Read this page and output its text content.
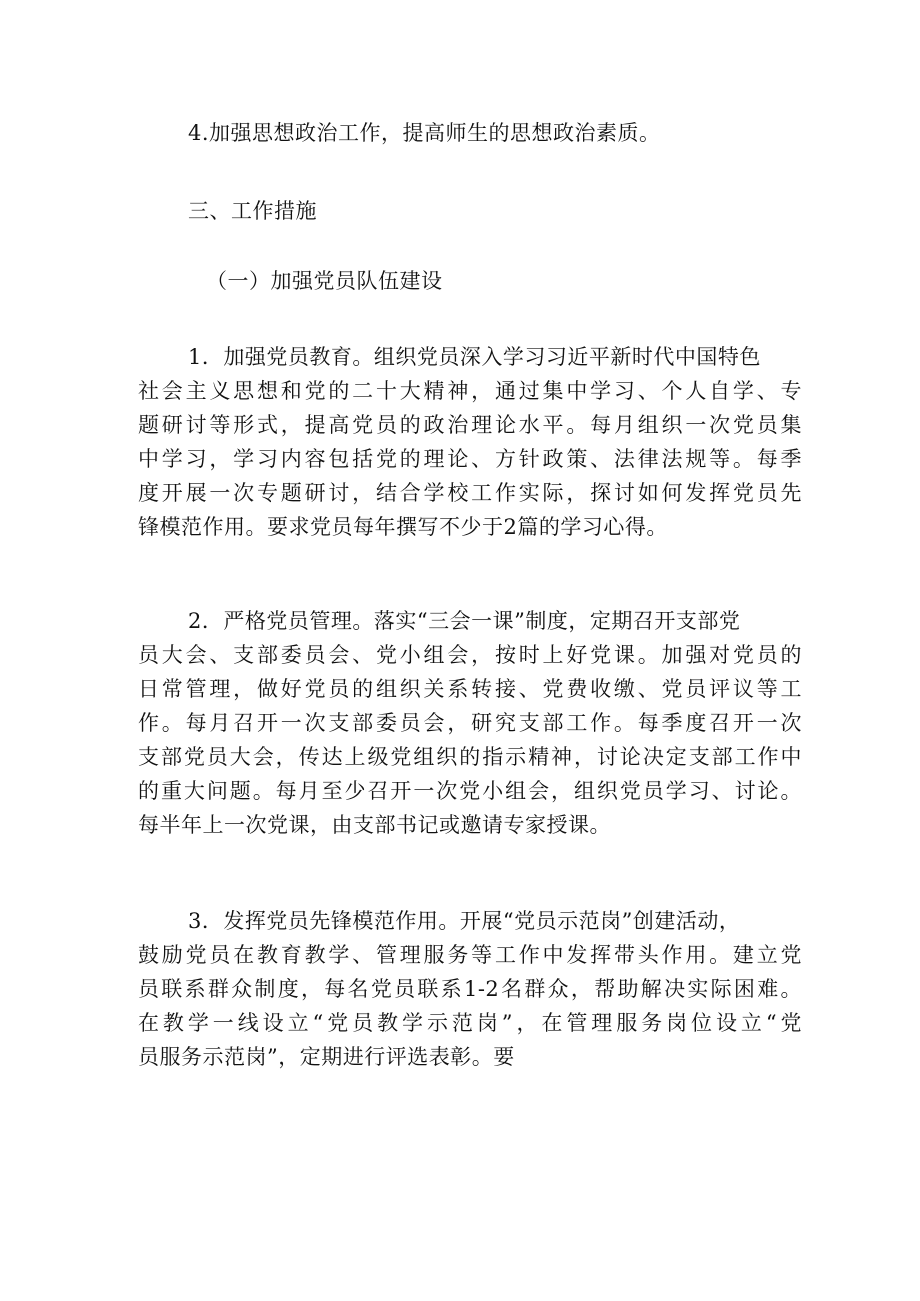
4.加强思想政治工作，提高师生的思想政治素质。

三、工作措施

（一）加强党员队伍建设

1．加强党员教育。组织党员深入学习习近平新时代中国特色

社会主义思想和党的二十大精神，通过集中学习、个人自学、专

题研讨等形式，提高党员的政治理论水平。每月组织一次党员集

中学习，学习内容包括党的理论、方针政策、法律法规等。每季

度开展一次专题研讨，结合学校工作实际，探讨如何发挥党员先

锋模范作用。要求党员每年撰写不少于2篇的学习心得。

2．严格党员管理。落实“三会一课”制度，定期召开支部党

员大会、支部委员会、党小组会，按时上好党课。加强对党员的

日常管理，做好党员的组织关系转接、党费收缴、党员评议等工

作。每月召开一次支部委员会，研究支部工作。每季度召开一次

支部党员大会，传达上级党组织的指示精神，讨论决定支部工作中

的重大问题。每月至少召开一次党小组会，组织党员学习、讨论。

每半年上一次党课，由支部书记或邀请专家授课。

3．发挥党员先锋模范作用。开展“党员示范岗”创建活动，

鼓励党员在教育教学、管理服务等工作中发挥带头作用。建立党

员联系群众制度，每名党员联系1-2名群众，帮助解决实际困难。

在教学一线设立“党员教学示范岗”，在管理服务岗位设立“党

员服务示范岗”，定期进行评选表彰。要
